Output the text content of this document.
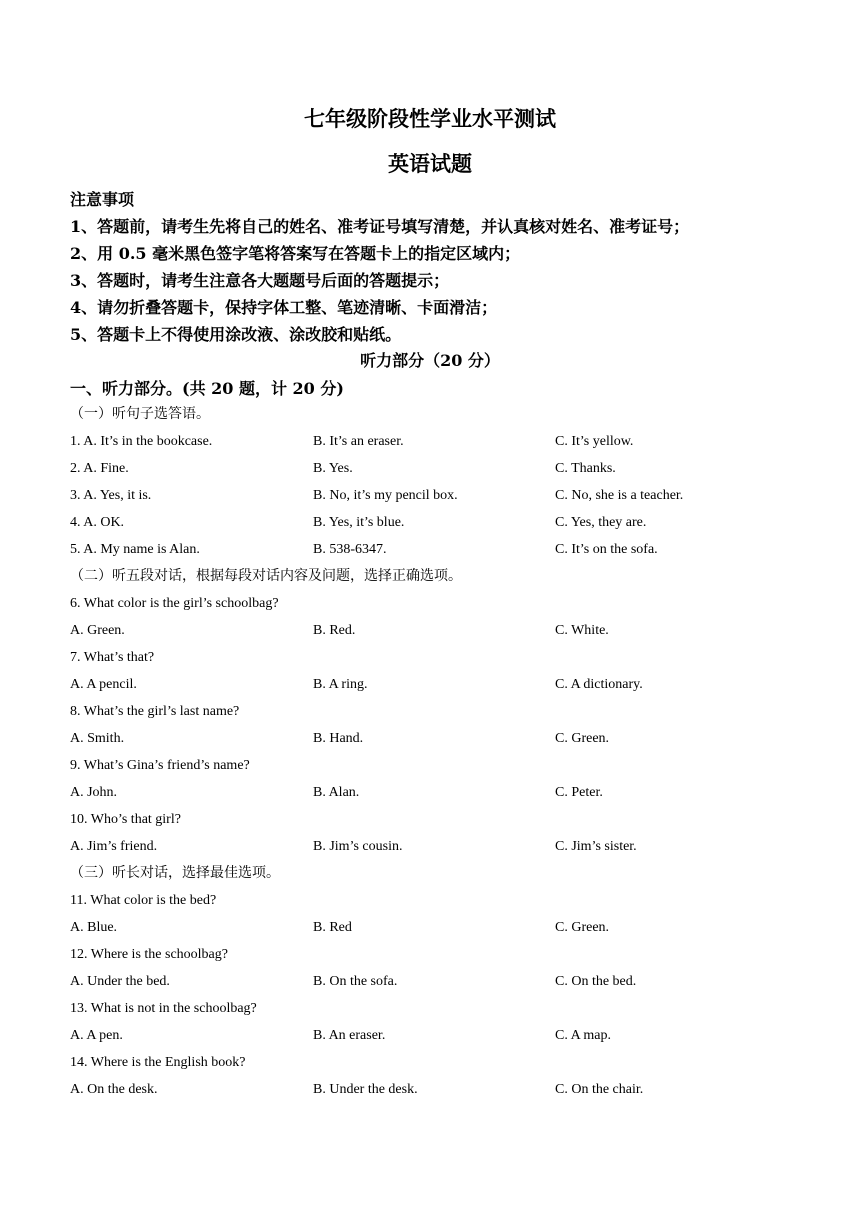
七年级阶段性学业水平测试
英语试题
注意事项
1、答题前，请考生先将自己的姓名、准考证号填写清楚，并认真核对姓名、准考证号；
2、用 0.5 毫米黑色签字笔将答案写在答题卡上的指定区域内；
3、答题时，请考生注意各大题题号后面的答题提示；
4、请勿折叠答题卡，保持字体工整、笔迹清晰、卡面滑洁；
5、答题卡上不得使用涂改液、涂改胶和贴纸。
听力部分（20 分）
一、听力部分。(共 20 题，计 20 分)
（一）听句子选答语。
1. A. It’s in the bookcase.	B. It’s an eraser.	C. It’s yellow.
2. A. Fine.	B. Yes.	C. Thanks.
3. A. Yes, it is.	B. No, it’s my pencil box.	C. No, she is a teacher.
4. A. OK.	B. Yes, it’s blue.	C. Yes, they are.
5. A. My name is Alan.	B. 538-6347.	C. It’s on the sofa.
（二）听五段对话，根据每段对话内容及问题，选择正确选项。
6. What color is the girl’s schoolbag?
A. Green.	B. Red.	C. White.
7. What’s that?
A. A pencil.	B. A ring.	C. A dictionary.
8. What’s the girl’s last name?
A. Smith.	B. Hand.	C. Green.
9. What’s Gina’s friend’s name?
A. John.	B. Alan.	C. Peter.
10. Who’s that girl?
A. Jim’s friend.	B. Jim’s cousin.	C. Jim’s sister.
（三）听长对话，选择最佳选项。
11. What color is the bed?
A. Blue.	B. Red	C. Green.
12. Where is the schoolbag?
A. Under the bed.	B. On the sofa.	C. On the bed.
13. What is not in the schoolbag?
A. A pen.	B. An eraser.	C. A map.
14. Where is the English book?
A. On the desk.	B. Under the desk.	C. On the chair.
